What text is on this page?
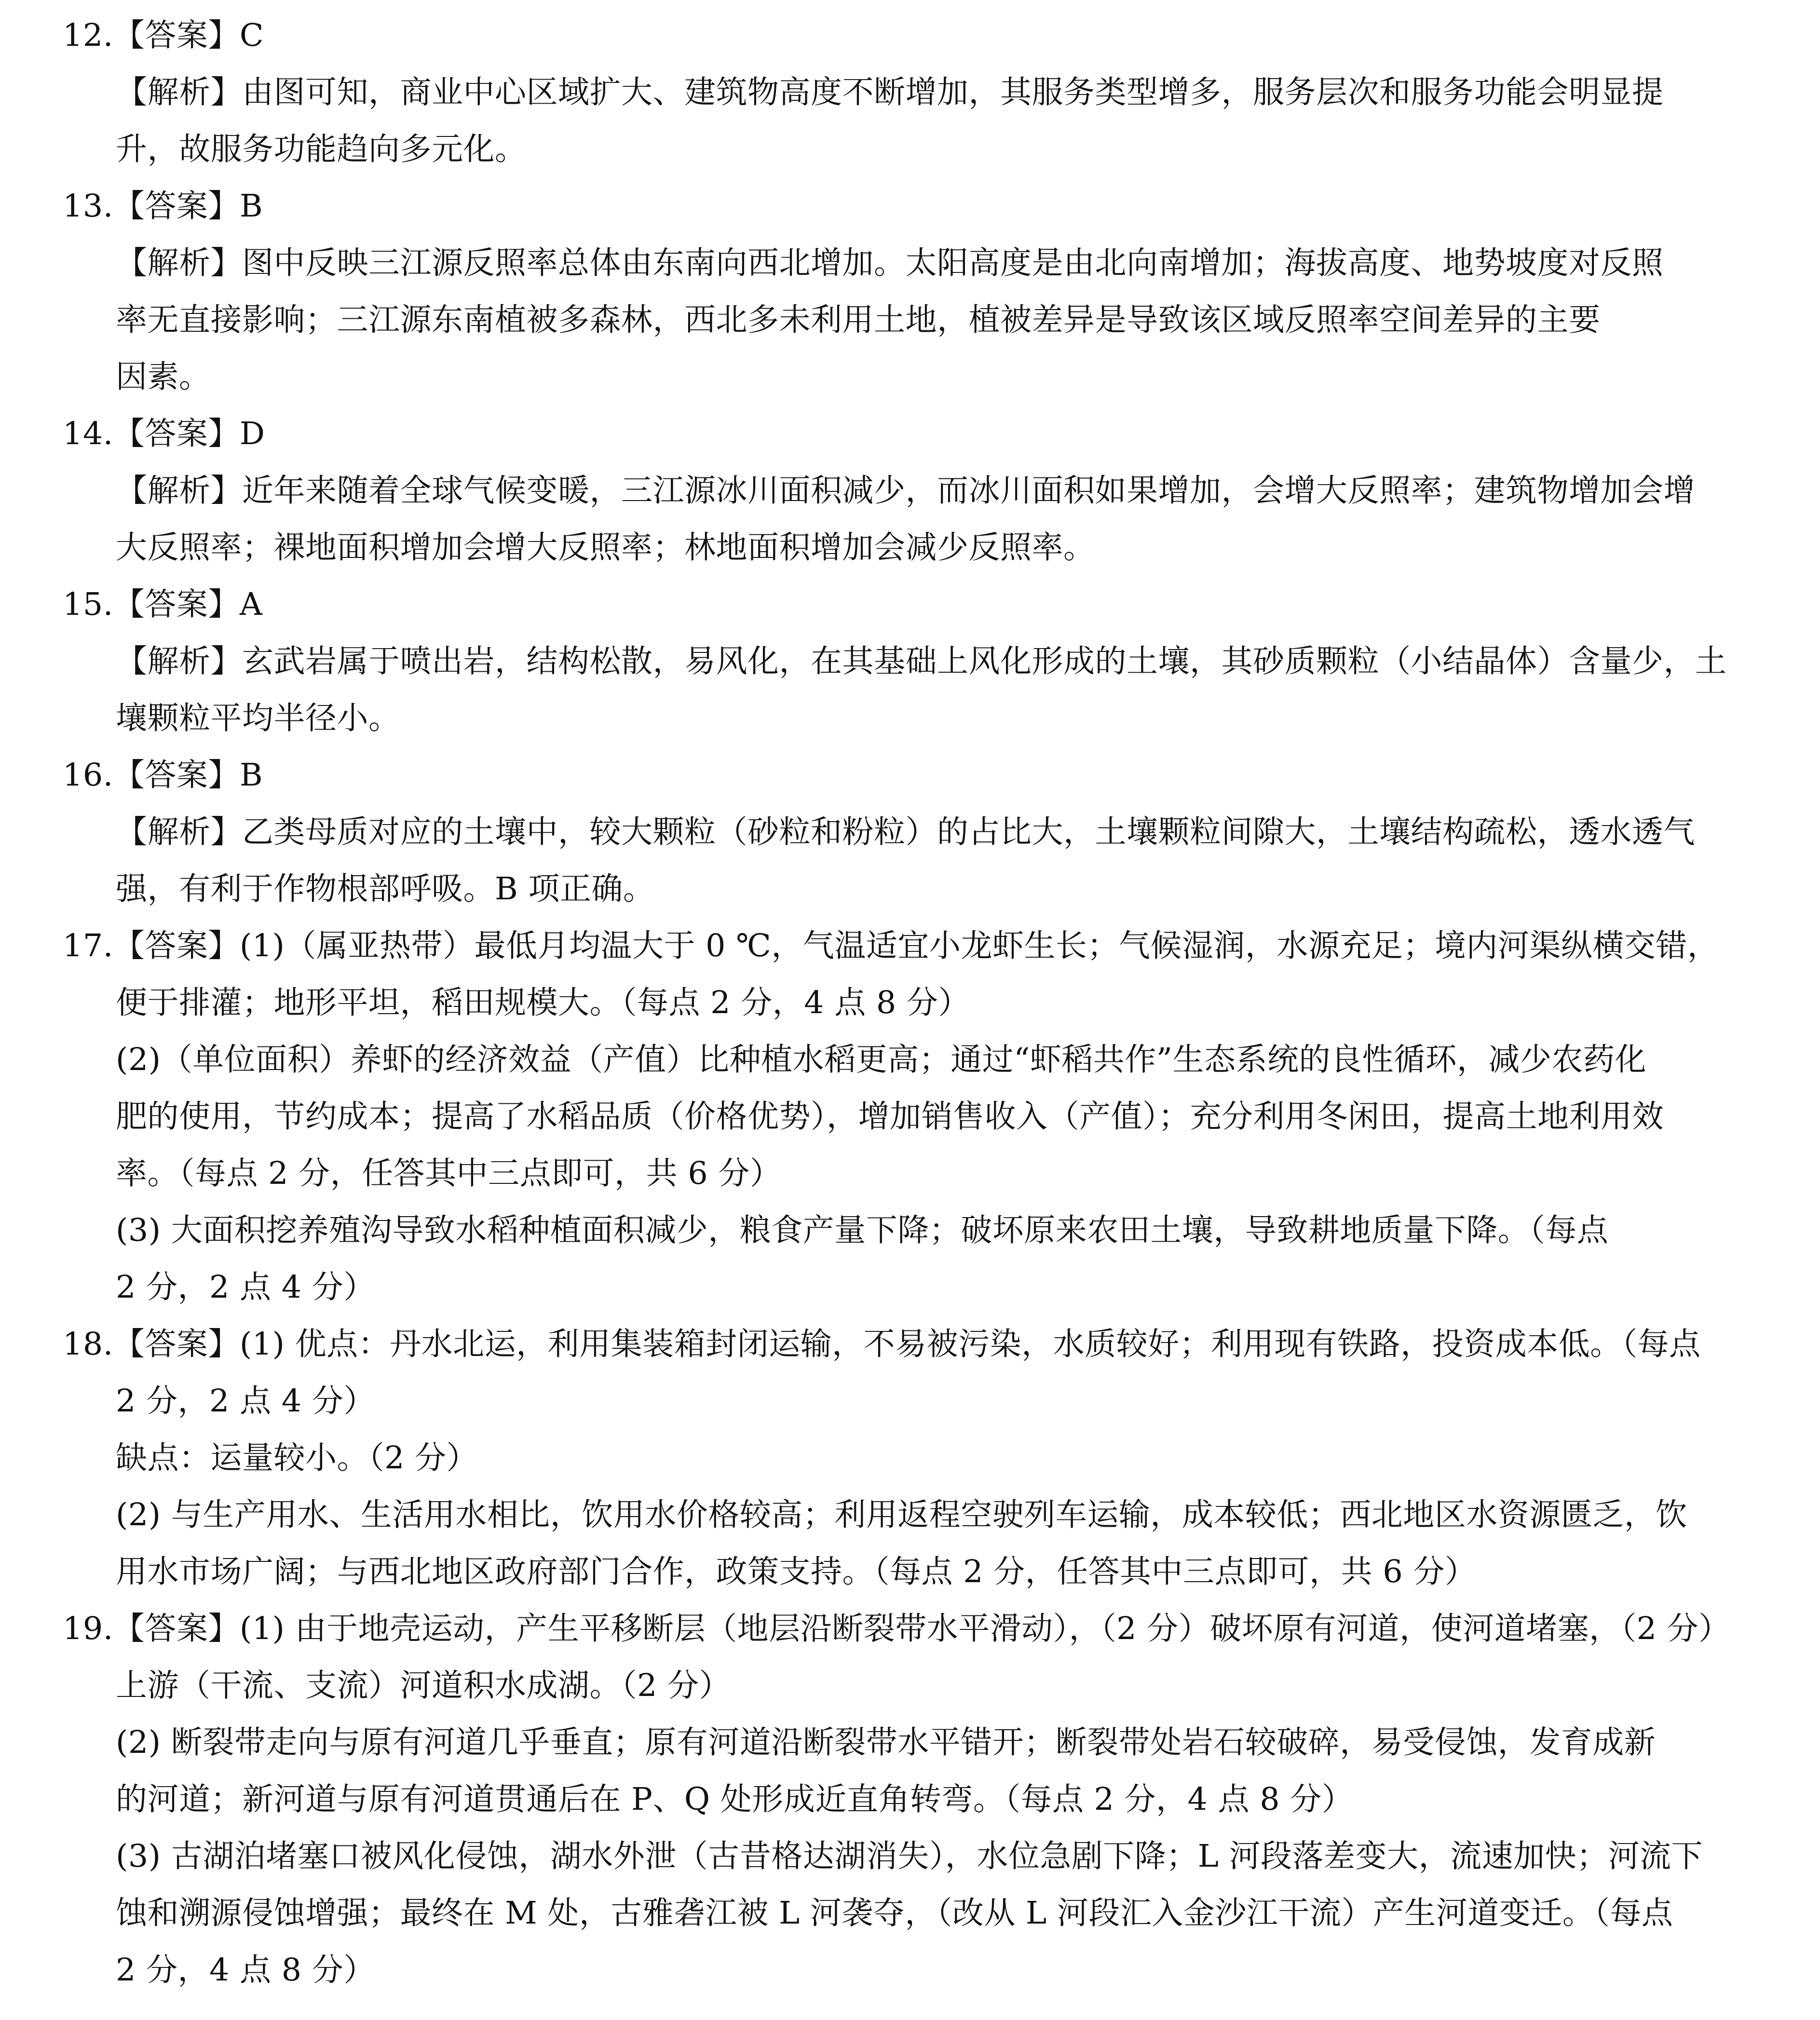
12.【答案】C
【解析】由图可知，商业中心区域扩大、建筑物高度不断增加，其服务类型增多，服务层次和服务功能会明显提
升，故服务功能趋向多元化。
13.【答案】B
【解析】图中反映三江源反照率总体由东南向西北增加。太阳高度是由北向南增加；海拔高度、地势坡度对反照
率无直接影响；三江源东南植被多森林，西北多未利用土地，植被差异是导致该区域反照率空间差异的主要
因素。
14.【答案】D
【解析】近年来随着全球气候变暖，三江源冰川面积减少，而冰川面积如果增加，会增大反照率；建筑物增加会增
大反照率；裸地面积增加会增大反照率；林地面积增加会减少反照率。
15.【答案】A
【解析】玄武岩属于喷出岩，结构松散，易风化，在其基础上风化形成的土壤，其砂质颗粒（小结晶体）含量少，土
壤颗粒平均半径小。
16.【答案】B
【解析】乙类母质对应的土壤中，较大颗粒（砂粒和粉粒）的占比大，土壤颗粒间隙大，土壤结构疏松，透水透气
强，有利于作物根部呼吸。B 项正确。
17.【答案】(1)（属亚热带）最低月均温大于 0 ℃，气温适宜小龙虾生长；气候湿润，水源充足；境内河渠纵横交错，
便于排灌；地形平坦，稻田规模大。（每点 2 分，4 点 8 分）
(2)（单位面积）养虾的经济效益（产值）比种植水稻更高；通过“虾稻共作”生态系统的良性循环，减少农药化
肥的使用，节约成本；提高了水稻品质（价格优势），增加销售收入（产值）；充分利用冬闲田，提高土地利用效
率。（每点 2 分，任答其中三点即可，共 6 分）
(3) 大面积挖养殖沟导致水稻种植面积减少，粮食产量下降；破坏原来农田土壤，导致耕地质量下降。（每点
2 分，2 点 4 分）
18.【答案】(1) 优点：丹水北运，利用集装箱封闭运输，不易被污染，水质较好；利用现有铁路，投资成本低。（每点
2 分，2 点 4 分）
缺点：运量较小。（2 分）
(2) 与生产用水、生活用水相比，饮用水价格较高；利用返程空驶列车运输，成本较低；西北地区水资源匮乏，饮
用水市场广阔；与西北地区政府部门合作，政策支持。（每点 2 分，任答其中三点即可，共 6 分）
19.【答案】(1) 由于地壳运动，产生平移断层（地层沿断裂带水平滑动），（2 分）破坏原有河道，使河道堵塞，（2 分）
上游（干流、支流）河道积水成湖。（2 分）
(2) 断裂带走向与原有河道几乎垂直；原有河道沿断裂带水平错开；断裂带处岩石较破碎，易受侵蚀，发育成新
的河道；新河道与原有河道贯通后在 P、Q 处形成近直角转弯。（每点 2 分，4 点 8 分）
(3) 古湖泊堵塞口被风化侵蚀，湖水外泄（古昔格达湖消失），水位急剧下降；L 河段落差变大，流速加快；河流下
蚀和溯源侵蚀增强；最终在 M 处，古雅砻江被 L 河袭夺，（改从 L 河段汇入金沙江干流）产生河道变迁。（每点
2 分，4 点 8 分）
